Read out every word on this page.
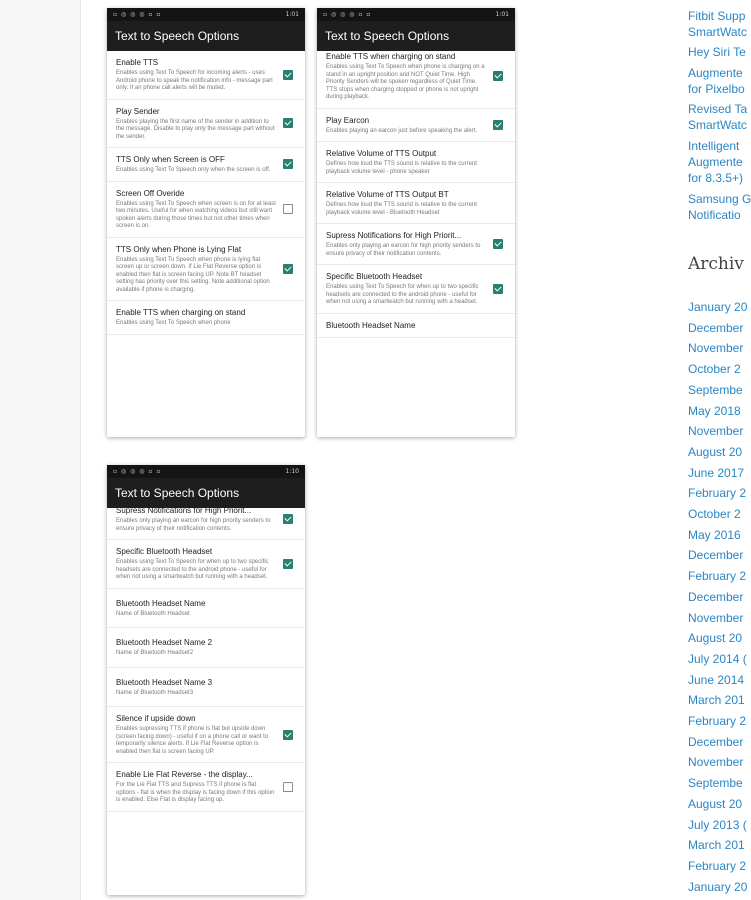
▫ ◎ ◎ ◎ ▫ ▫	1:01
Text to Speech Options
Enable TTS
Enables using Text To Speech for incoming alerts - uses Android phone to speak the notification info - message part only. If an phone call alerts will be muted.
Play Sender
Enables playing the first name of the sender in addition to the message. Disable to play only the message part without the sender.
TTS Only when Screen is OFF
Enables using Text To Speech only when the screen is off.
Screen Off Overide
Enables using Text To Speech when screen is on for at least two minutes. Useful for when watching videos but still want spoken alerts during those times but not other times when screen is on.
TTS Only when Phone is Lying Flat
Enables using Text To Speech when phone is lying flat screen up or screen down. If Lie Flat Reverse option is enabled then flat is screen facing UP. Note BT headset setting has priority over this setting. Note additional option available if phone is charging.
Enable TTS when charging on stand
Enables using Text To Speech when phone
▫ ◎ ◎ ◎ ▫ ▫	1:01
Text to Speech Options
Enable TTS when charging on stand
Enables using Text To Speech when phone is charging on a stand in an upright position and NOT Quiet Time. High Priority Senders will be spoken regardless of Quiet Time. TTS stops when charging stopped or phone is not upright during playback.
Play Earcon
Enables playing an earcon just before speaking the alert.
Relative Volume of TTS Output
Defines how loud the TTS sound is relative to the current playback volume level - phone speaker
Relative Volume of TTS Output BT
Defines how loud the TTS sound is relative to the current playback volume level - Bluetooth Headset
Supress Notifications for High Priorit...
Enables only playing an earcon for high priority senders to ensure privacy of their notification contents.
Specific Bluetooth Headset
Enables using Text To Speech for when up to two specific headsets are connected to the android phone - useful for when not using a smartwatch but running with a headset.
Bluetooth Headset Name
▫ ◎ ◎ ◎ ▫ ▫	1:10
Text to Speech Options
Supress Notifications for High Priorit...
Enables only playing an earcon for high priority senders to ensure privacy of their notification contents.
Specific Bluetooth Headset
Enables using Text To Speech for when up to two specific headsets are connected to the android phone - useful for when not using a smartwatch but running with a headset.
Bluetooth Headset Name
Name of Bluetooth Headset
Bluetooth Headset Name 2
Name of Bluetooth Headset2
Bluetooth Headset Name 3
Name of Bluetooth Headset3
Silence if upside down
Enables supressing TTS if phone is flat but upside down (screen facing down) - useful if on a phone call or want to temporarily silence alerts. If Lie Flat Reverse option is enabled then flat is screen facing UP.
Enable Lie Flat Reverse - the display...
For the Lie Flat TTS and Supress TTS if phone is flat options - flat is when the display is facing down if this option is enabled. Else Flat is display facing up.
Fitbit Supp
SmartWatc
Hey Siri Te
Augmente
for Pixelbo
Revised Ta
SmartWatc
Intelligent
Augmente
for 8.3.5+)
Samsung G
Notificatio
Archiv
January 20
December
November
October 2
Septembe
May 2018
November
August 20
June 2017
February 2
October 2
May 2016
December
February 2
December
November
August 20
July 2014 (
June 2014
March 201
February 2
December
November
Septembe
August 20
July 2013 (
March 201
February 2
January 20
